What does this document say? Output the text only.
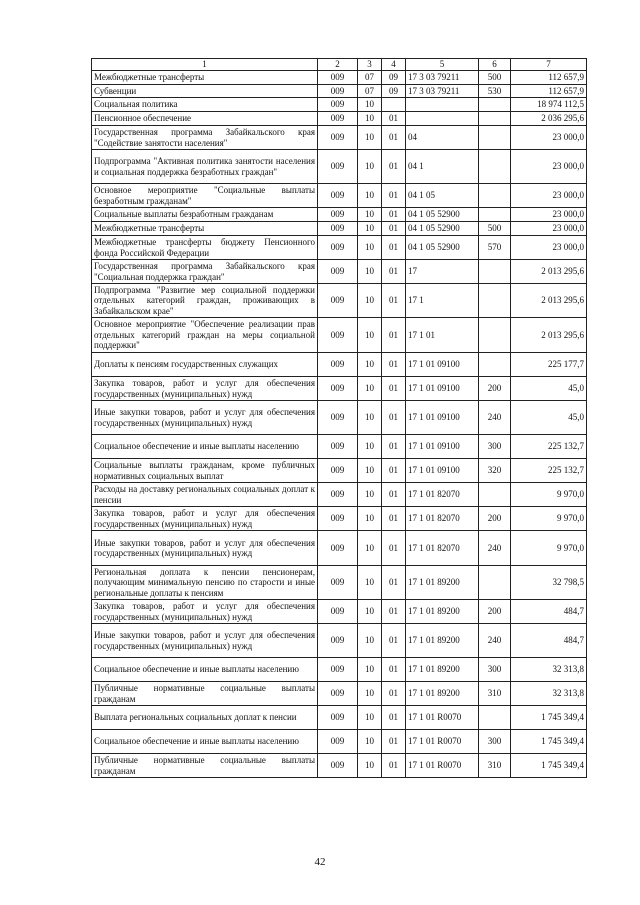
1	2	3	4	5	6	7
Межбюджетные трансферты	009	07	09	17 3 03 79211	500	112 657,9
Субвенции	009	07	09	17 3 03 79211	530	112 657,9
Социальная политика	009	10				18 974 112,5
Пенсионное обеспечение	009	10	01			2 036 295,6
Государственная программа Забайкальского края "Содействие занятости населения"	009	10	01	04		23 000,0
Подпрограмма "Активная политика занятости населения и социальная поддержка безработных граждан"	009	10	01	04 1		23 000,0
Основное мероприятие "Социальные выплаты безработным гражданам"	009	10	01	04 1 05		23 000,0
Социальные выплаты безработным гражданам	009	10	01	04 1 05 52900		23 000,0
Межбюджетные трансферты	009	10	01	04 1 05 52900	500	23 000,0
Межбюджетные трансферты бюджету Пенсионного фонда Российской Федерации	009	10	01	04 1 05 52900	570	23 000,0
Государственная программа Забайкальского края "Социальная поддержка граждан"	009	10	01	17		2 013 295,6
Подпрограмма "Развитие мер социальной поддержки отдельных категорий граждан, проживающих в Забайкальском крае"	009	10	01	17 1		2 013 295,6
Основное мероприятие "Обеспечение реализации прав отдельных категорий граждан на меры социальной поддержки"	009	10	01	17 1 01		2 013 295,6
Доплаты к пенсиям государственных служащих	009	10	01	17 1 01 09100		225 177,7
Закупка товаров, работ и услуг для обеспечения государственных (муниципальных) нужд	009	10	01	17 1 01 09100	200	45,0
Иные закупки товаров, работ и услуг для обеспечения государственных (муниципальных) нужд	009	10	01	17 1 01 09100	240	45,0
Социальное обеспечение и иные выплаты населению	009	10	01	17 1 01 09100	300	225 132,7
Социальные выплаты гражданам, кроме публичных нормативных социальных выплат	009	10	01	17 1 01 09100	320	225 132,7
Расходы на доставку региональных социальных доплат к пенсии	009	10	01	17 1 01 82070		9 970,0
Закупка товаров, работ и услуг для обеспечения государственных (муниципальных) нужд	009	10	01	17 1 01 82070	200	9 970,0
Иные закупки товаров, работ и услуг для обеспечения государственных (муниципальных) нужд	009	10	01	17 1 01 82070	240	9 970,0
Региональная доплата к пенсии пенсионерам, получающим минимальную пенсию по старости и иные региональные доплаты к пенсиям	009	10	01	17 1 01 89200		32 798,5
Закупка товаров, работ и услуг для обеспечения государственных (муниципальных) нужд	009	10	01	17 1 01 89200	200	484,7
Иные закупки товаров, работ и услуг для обеспечения государственных (муниципальных) нужд	009	10	01	17 1 01 89200	240	484,7
Социальное обеспечение и иные выплаты населению	009	10	01	17 1 01 89200	300	32 313,8
Публичные нормативные социальные выплаты гражданам	009	10	01	17 1 01 89200	310	32 313,8
Выплата региональных социальных доплат к пенсии	009	10	01	17 1 01 R0070		1 745 349,4
Социальное обеспечение и иные выплаты населению	009	10	01	17 1 01 R0070	300	1 745 349,4
Публичные нормативные социальные выплаты гражданам	009	10	01	17 1 01 R0070	310	1 745 349,4
42
